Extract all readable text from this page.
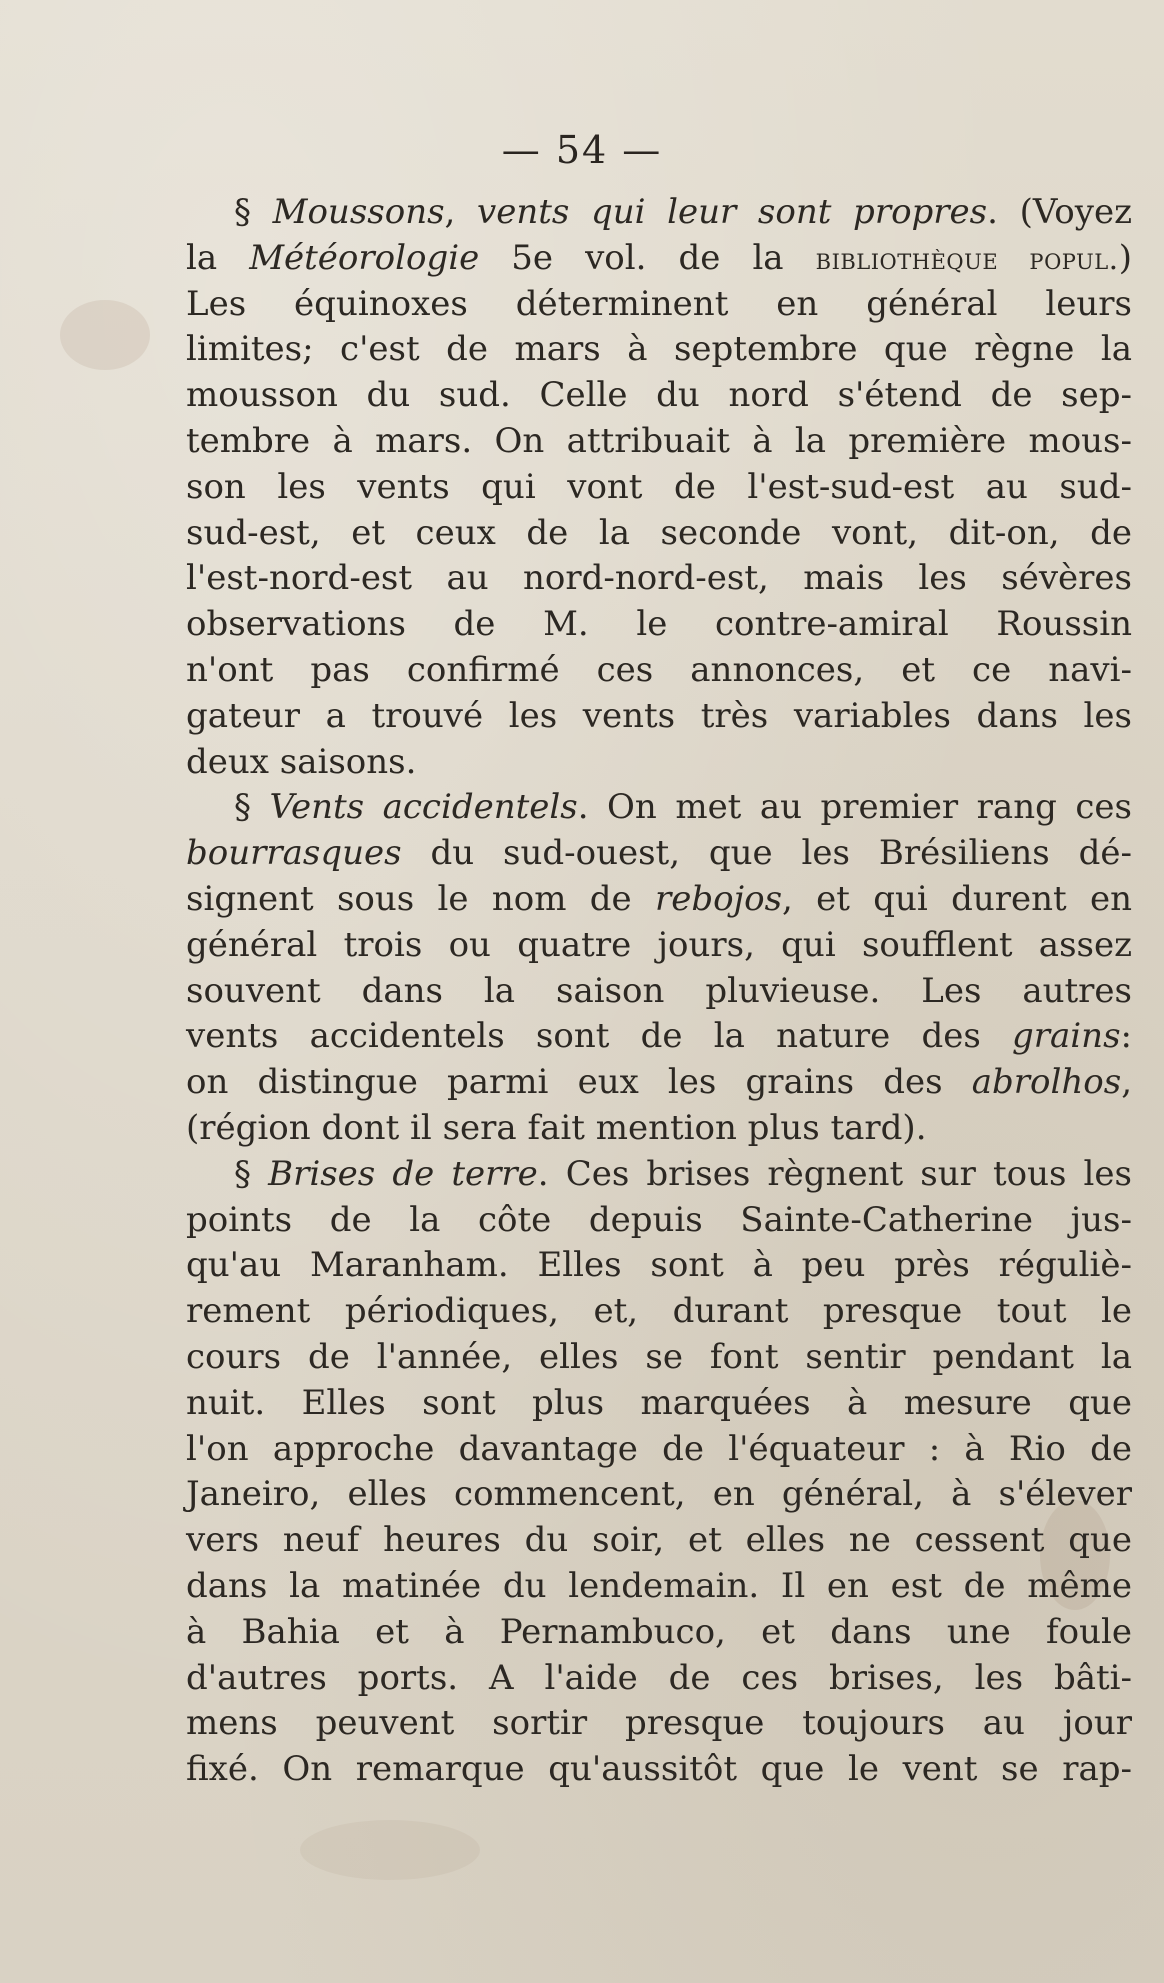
— 54 —
§ Moussons, vents qui leur sont propres. (Voyez
la Météorologie 5e vol. de la bibliothèque popul.)
Les équinoxes déterminent en général leurs
limites; c'est de mars à septembre que règne la
mousson du sud. Celle du nord s'étend de sep-
tembre à mars. On attribuait à la première mous-
son les vents qui vont de l'est-sud-est au sud-
sud-est, et ceux de la seconde vont, dit-on, de
l'est-nord-est au nord-nord-est, mais les sévères
observations de M. le contre-amiral Roussin
n'ont pas confirmé ces annonces, et ce navi-
gateur a trouvé les vents très variables dans les
deux saisons.
§ Vents accidentels. On met au premier rang ces
bourrasques du sud-ouest, que les Brésiliens dé-
signent sous le nom de rebojos, et qui durent en
général trois ou quatre jours, qui soufflent assez
souvent dans la saison pluvieuse. Les autres
vents accidentels sont de la nature des grains:
on distingue parmi eux les grains des abrolhos,
(région dont il sera fait mention plus tard).
§ Brises de terre. Ces brises règnent sur tous les
points de la côte depuis Sainte-Catherine jus-
qu'au Maranham. Elles sont à peu près réguliè-
rement périodiques, et, durant presque tout le
cours de l'année, elles se font sentir pendant la
nuit. Elles sont plus marquées à mesure que
l'on approche davantage de l'équateur : à Rio de
Janeiro, elles commencent, en général, à s'élever
vers neuf heures du soir, et elles ne cessent que
dans la matinée du lendemain. Il en est de même
à Bahia et à Pernambuco, et dans une foule
d'autres ports. A l'aide de ces brises, les bâti-
mens peuvent sortir presque toujours au jour
fixé. On remarque qu'aussitôt que le vent se rap-
